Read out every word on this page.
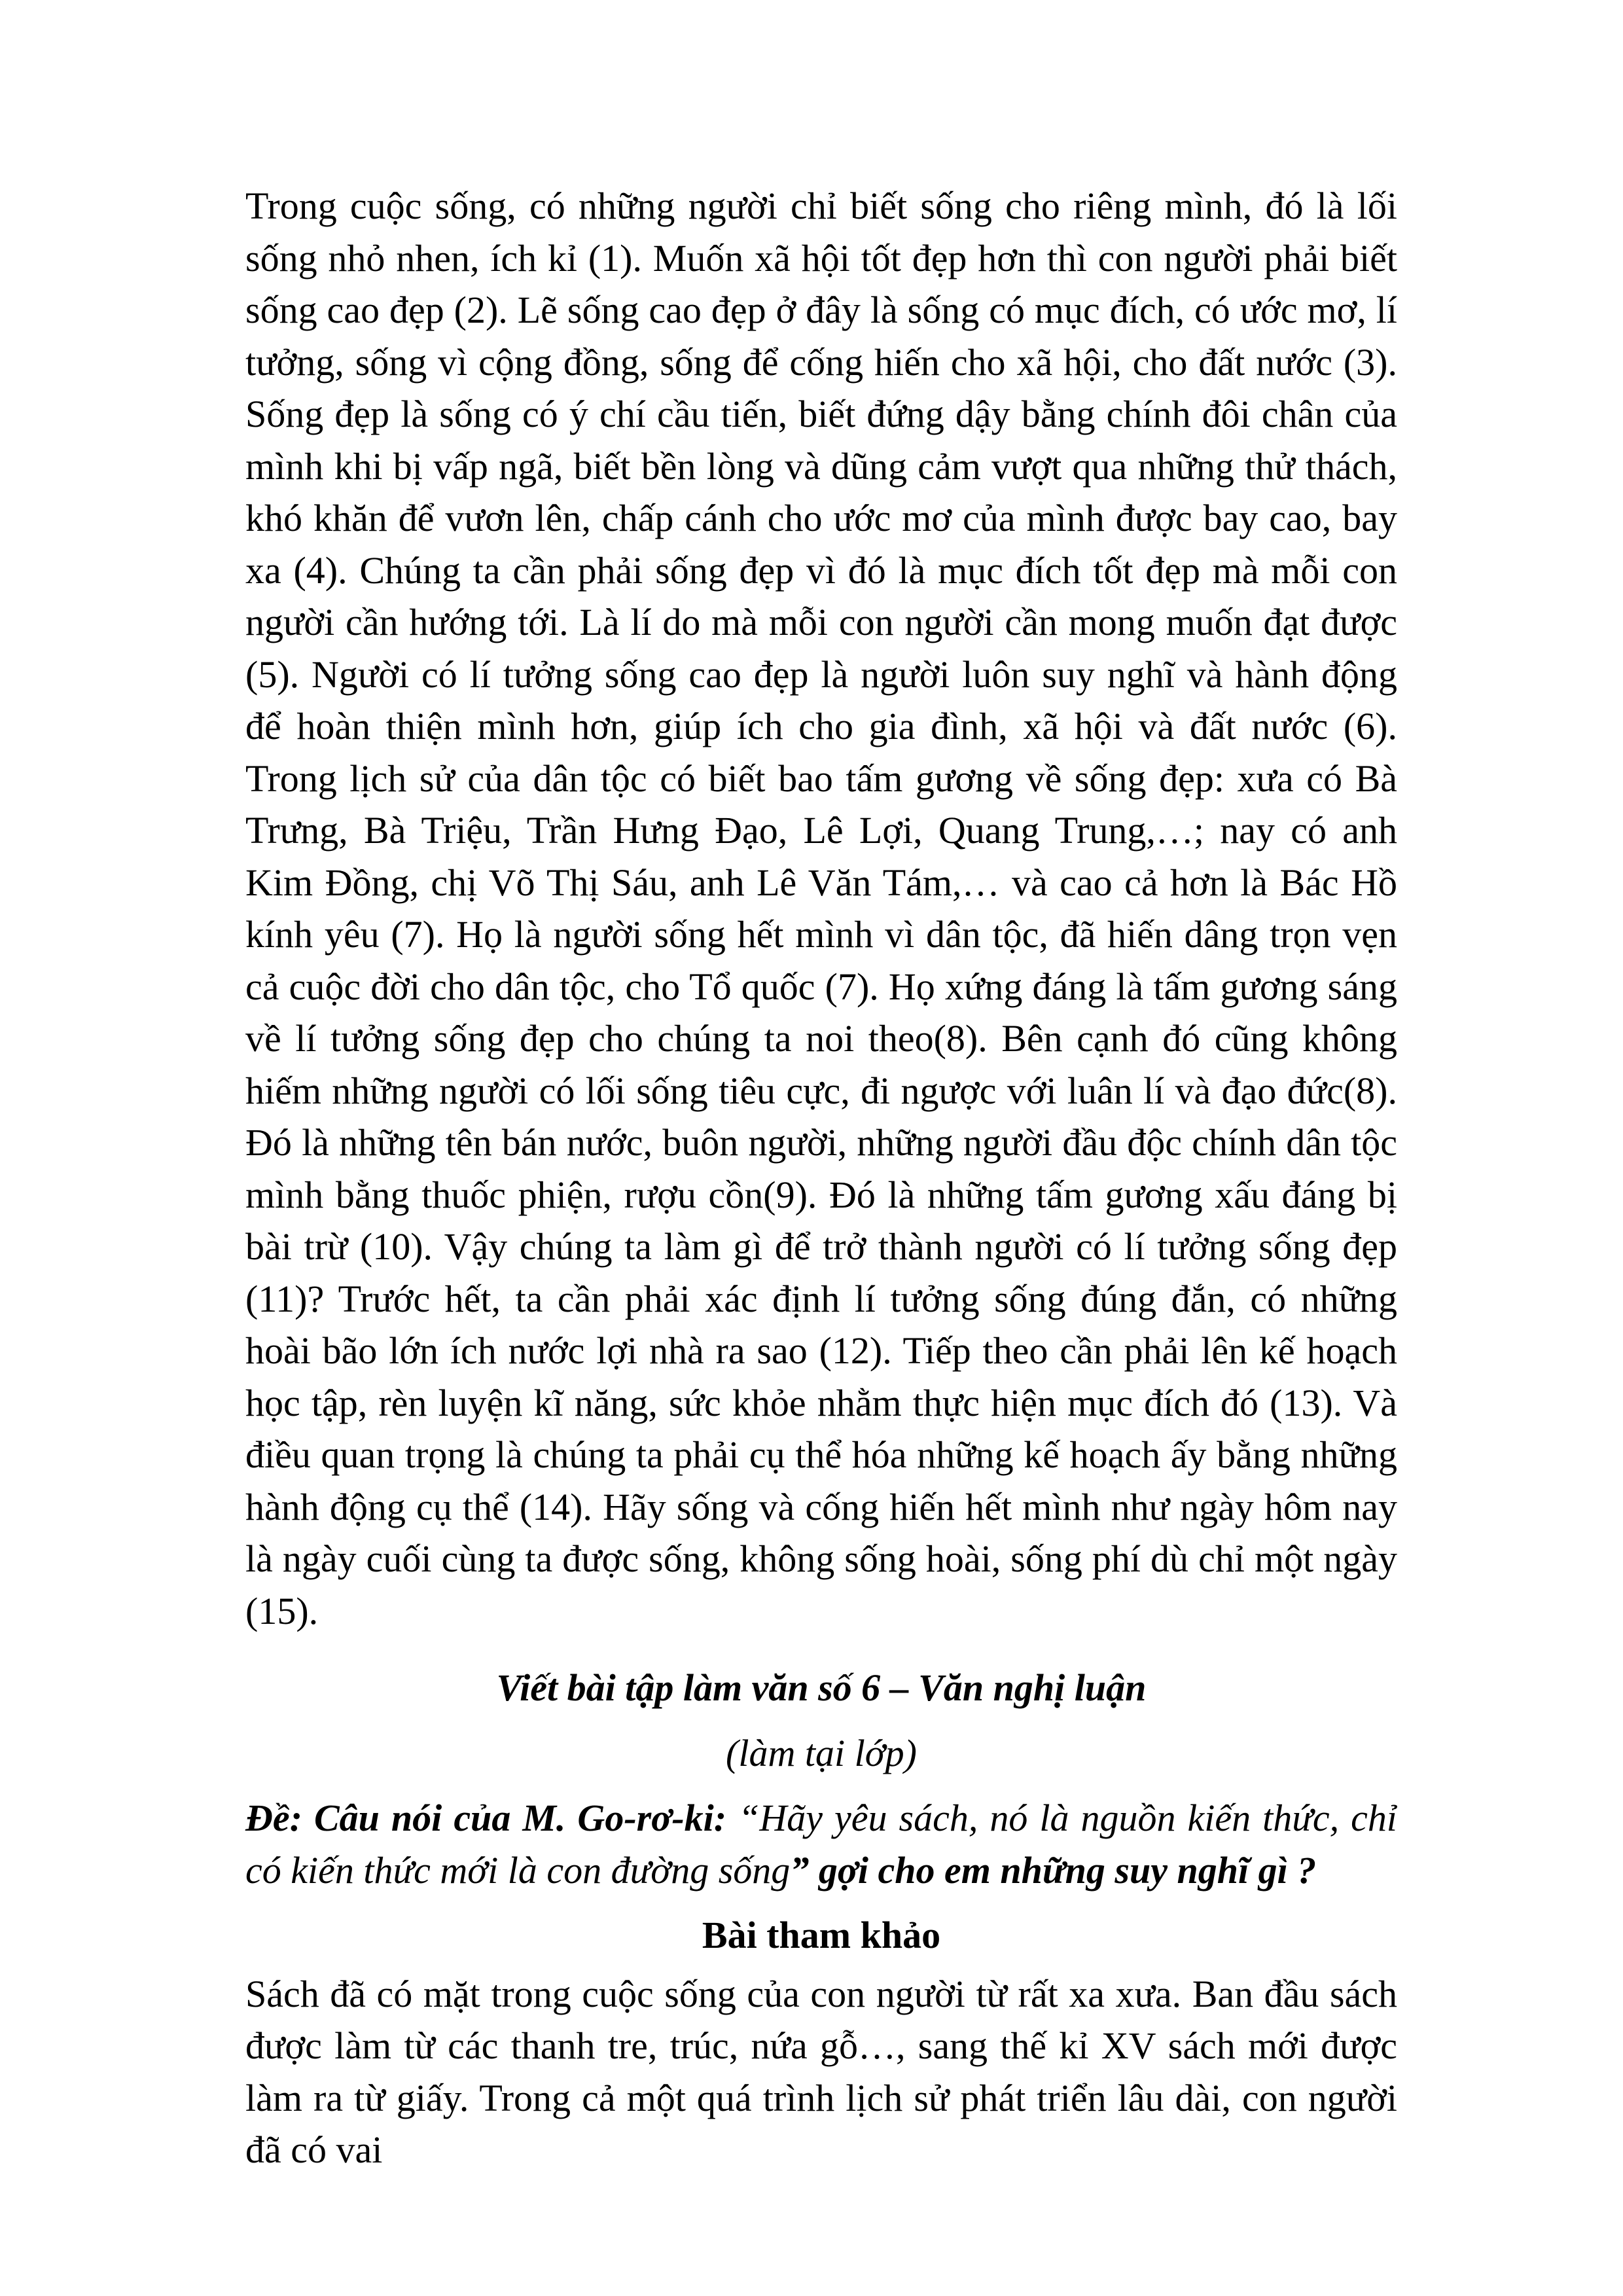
Trong cuộc sống, có những người chỉ biết sống cho riêng mình, đó là lối sống nhỏ nhen, ích kỉ (1). Muốn xã hội tốt đẹp hơn thì con người phải biết sống cao đẹp (2). Lẽ sống cao đẹp ở đây là sống có mục đích, có ước mơ, lí tưởng, sống vì cộng đồng, sống để cống hiến cho xã hội, cho đất nước (3). Sống đẹp là sống có ý chí cầu tiến, biết đứng dậy bằng chính đôi chân của mình khi bị vấp ngã, biết bền lòng và dũng cảm vượt qua những thử thách, khó khăn để vươn lên, chấp cánh cho ước mơ của mình được bay cao, bay xa (4). Chúng ta cần phải sống đẹp vì đó là mục đích tốt đẹp mà mỗi con người cần hướng tới. Là lí do mà mỗi con người cần mong muốn đạt được (5). Người có lí tưởng sống cao đẹp là người luôn suy nghĩ và hành động để hoàn thiện mình hơn, giúp ích cho gia đình, xã hội và đất nước (6). Trong lịch sử của dân tộc có biết bao tấm gương về sống đẹp: xưa có Bà Trưng, Bà Triệu, Trần Hưng Đạo, Lê Lợi, Quang Trung,…; nay có anh Kim Đồng, chị Võ Thị Sáu, anh Lê Văn Tám,… và cao cả hơn là Bác Hồ kính yêu (7). Họ là người sống hết mình vì dân tộc, đã hiến dâng trọn vẹn cả cuộc đời cho dân tộc, cho Tổ quốc (7). Họ xứng đáng là tấm gương sáng về lí tưởng sống đẹp cho chúng ta noi theo(8). Bên cạnh đó cũng không hiếm những người có lối sống tiêu cực, đi ngược với luân lí và đạo đức(8). Đó là những tên bán nước, buôn người, những người đầu độc chính dân tộc mình bằng thuốc phiện, rượu cồn(9). Đó là những tấm gương xấu đáng bị bài trừ (10). Vậy chúng ta làm gì để trở thành người có lí tưởng sống đẹp (11)? Trước hết, ta cần phải xác định lí tưởng sống đúng đắn, có những hoài bão lớn ích nước lợi nhà ra sao (12). Tiếp theo cần phải lên kế hoạch học tập, rèn luyện kĩ năng, sức khỏe nhằm thực hiện mục đích đó (13). Và điều quan trọng là chúng ta phải cụ thể hóa những kế hoạch ấy bằng những hành động cụ thể (14). Hãy sống và cống hiến hết mình như ngày hôm nay là ngày cuối cùng ta được sống, không sống hoài, sống phí dù chỉ một ngày (15).

Viết bài tập làm văn số 6 – Văn nghị luận

(làm tại lớp)

Đề: Câu nói của M. Go-rơ-ki: “Hãy yêu sách, nó là nguồn kiến thức, chỉ có kiến thức mới là con đường sống” gợi cho em những suy nghĩ gì ?

Bài tham khảo

Sách đã có mặt trong cuộc sống của con người từ rất xa xưa. Ban đầu sách được làm từ các thanh tre, trúc, nứa gỗ…, sang thế kỉ XV sách mới được làm ra từ giấy. Trong cả một quá trình lịch sử phát triển lâu dài, con người đã có vai
